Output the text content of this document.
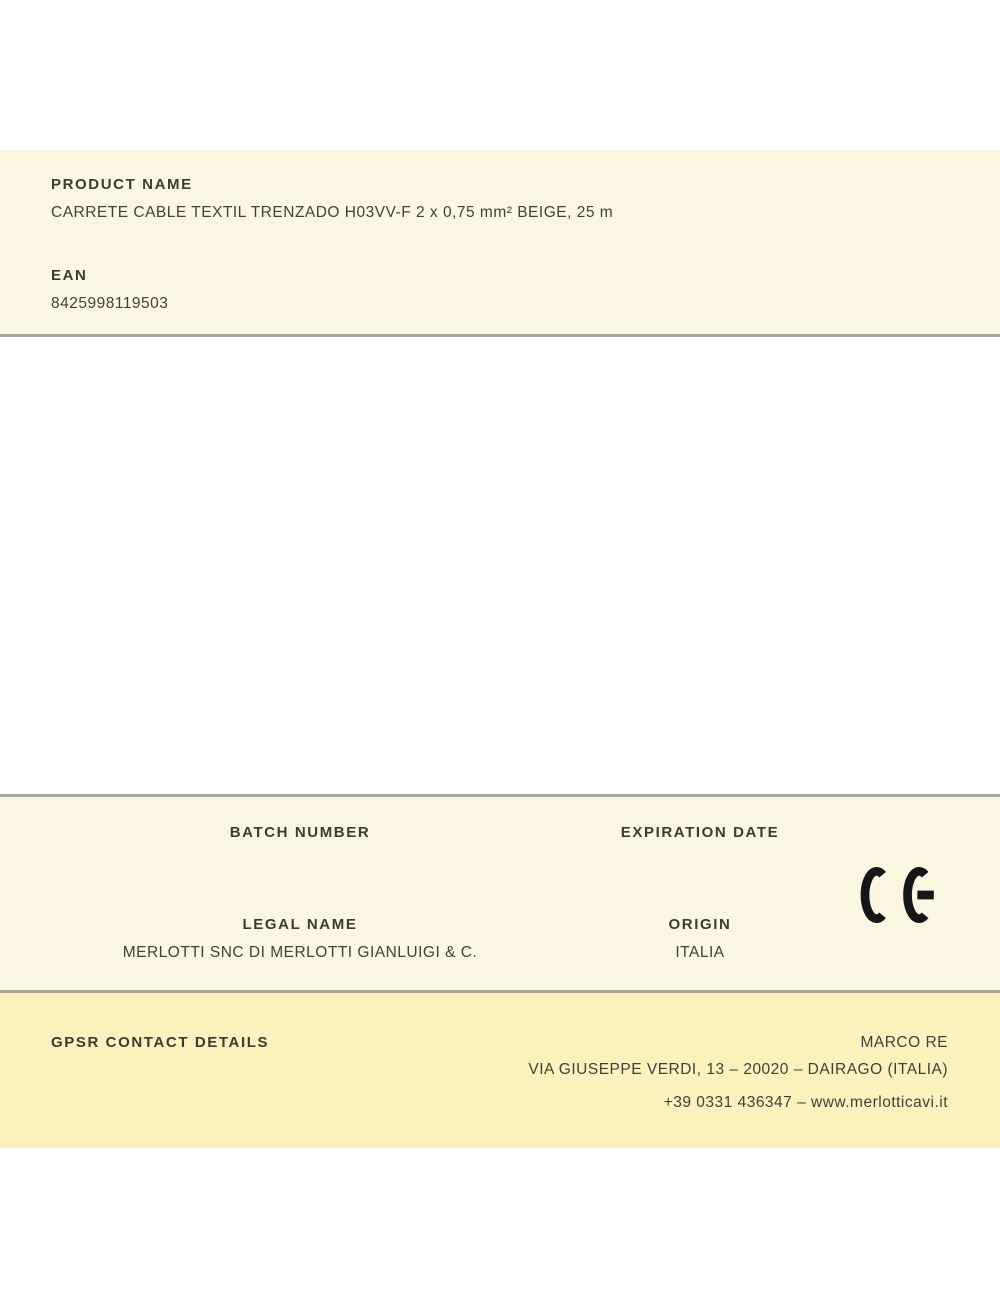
PRODUCT NAME
CARRETE CABLE TEXTIL TRENZADO H03VV-F 2 x 0,75 mm² BEIGE, 25 m
EAN
8425998119503
BATCH NUMBER	EXPIRATION DATE
LEGAL NAME
MERLOTTI SNC DI MERLOTTI GIANLUIGI & C.
ORIGIN
ITALIA
GPSR CONTACT DETAILS	MARCO RE
VIA GIUSEPPE VERDI, 13 – 20020 – DAIRAGO (ITALIA)
+39 0331 436347 – www.merlotticavi.it
